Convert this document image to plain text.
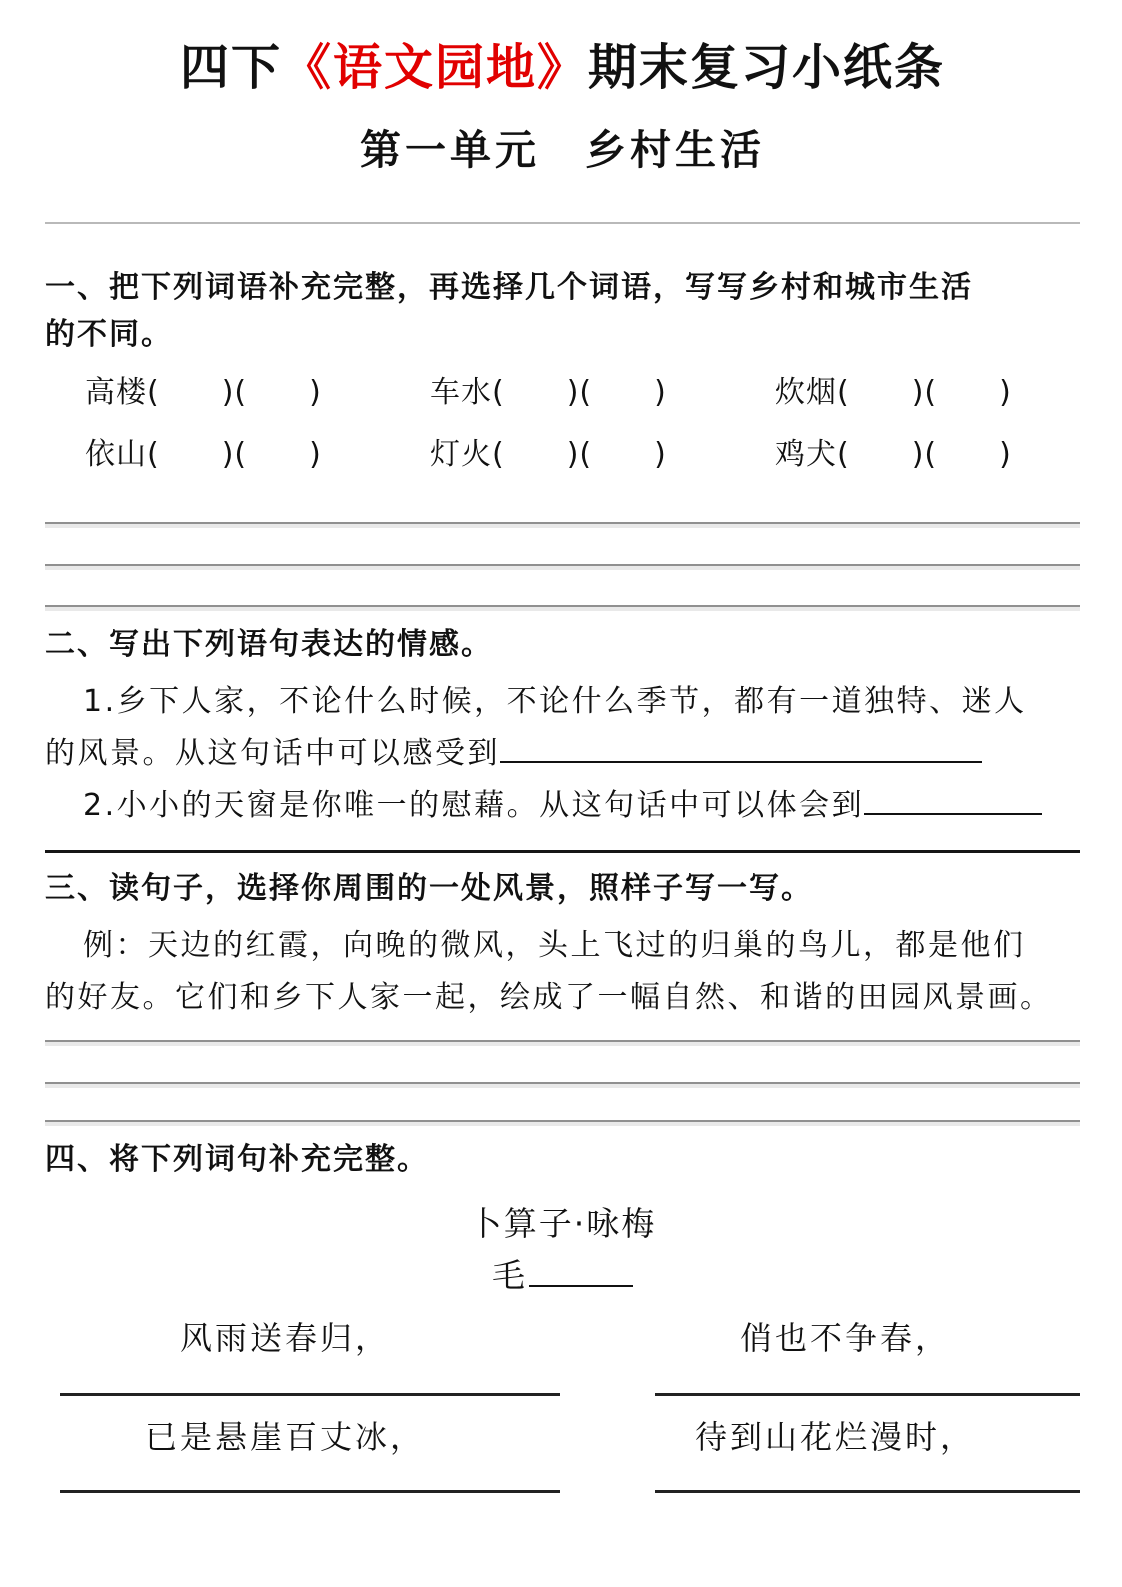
四下《语文园地》期末复习小纸条
第一单元　乡村生活
一、把下列词语补充完整，再选择几个词语，写写乡村和城市生活
的不同。
高楼(　　)(　　)	车水(　　)(　　)	炊烟(　　)(　　)
依山(　　)(　　)	灯火(　　)(　　)	鸡犬(　　)(　　)
二、写出下列语句表达的情感。

1.乡下人家，不论什么时候，不论什么季节，都有一道独特、迷人
的风景。从这句话中可以感受到

2.小小的天窗是你唯一的慰藉。从这句话中可以体会到

三、读句子，选择你周围的一处风景，照样子写一写。

例：天边的红霞，向晚的微风，头上飞过的归巢的鸟儿，都是他们
的好友。它们和乡下人家一起，绘成了一幅自然、和谐的田园风景画。

四、将下列词句补充完整。
卜算子·咏梅
毛
风雨送春归，	俏也不争春，
已是悬崖百丈冰，	待到山花烂漫时，
